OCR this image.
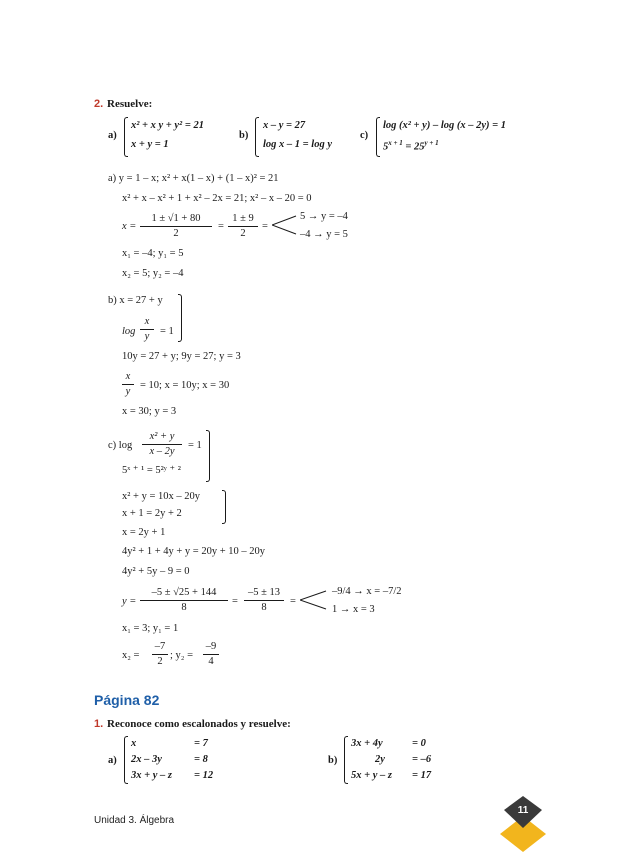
2. Resuelve:
a)
x² + x y + y² = 21
x + y = 1
b)
x – y = 27
log x – 1 = log y
c)
log (x² + y) – log (x – 2y) = 1
$5^{x + 1} = 25^{y + 1}$
a) y = 1 – x; x² + x(1 – x) + (1 – x)² = 21
x² + x – x² + 1 + x² – 2x = 21; x² – x – 20 = 0
x =
1 ± √1 + 80
2
=
1 ± 9
2
=
5 → y = –4
–4 → y = 5
x₁ = –4; y₁ = 5
x₂ = 5; y₂ = –4
b) x = 27 + y
log
x
y	= 1
10y = 27 + y; 9y = 27; y = 3
x
y
= 10; x = 10y; x = 30
x = 30; y = 3
c) log
x² + y
x – 2y
= 1
5ˣ ⁺ ¹ = 5²ʸ ⁺ ²
x² + y = 10x – 20y
x + 1 = 2y + 2
x = 2y + 1
4y² + 1 + 4y + y = 20y + 10 – 20y
4y² + 5y – 9 = 0
y =
–5 ± √25 + 144
8
=
–5 ± 13
8
=
–9/4 → x = –7/2
1 → x = 3
x₁ = 3; y₁ = 1
x₂ =
–7
2
; y₂ =
–9
4
Página 82
1. Reconoce como escalonados y resuelve:
a)
x	= 7
2x – 3y	= 8
3x + y – z = 12
b)
3x + 4y	= 0
2y	= –6
5x + y – z = 17
Unidad 3. Álgebra
11
